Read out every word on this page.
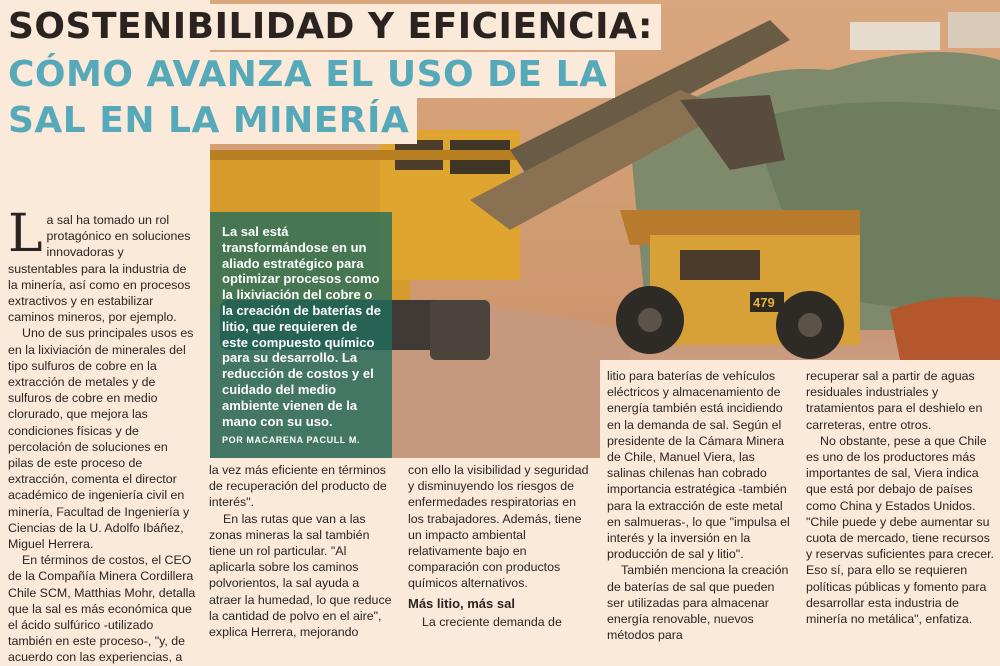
479
SOSTENIBILIDAD Y EFICIENCIA:
CÓMO AVANZA EL USO DE LA
SAL EN LA MINERÍA

La sal está transformándose en un aliado estratégico para optimizar procesos como la lixiviación del cobre o la creación de baterías de litio, que requieren de este compuesto químico para su desarrollo. La reducción de costos y el cuidado del medio ambiente vienen de la mano con su uso.

POR MACARENA PACULL M.

La sal ha tomado un rol protagónico en soluciones innovadoras y sustentables para la industria de la minería, así como en procesos extractivos y en estabilizar caminos mineros, por ejemplo.

Uno de sus principales usos es en la lixiviación de minerales del tipo sulfuros de cobre en la extracción de metales y de sulfuros de cobre en medio clorurado, que mejora las condiciones físicas y de percolación de soluciones en pilas de este proceso de extracción, comenta el director académico de ingeniería civil en minería, Facultad de Ingeniería y Ciencias de la U. Adolfo Ibáñez, Miguel Herrera.

En términos de costos, el CEO de la Compañía Minera Cordillera Chile SCM, Matthias Mohr, detalla que la sal es más económica que el ácido sulfúrico -utilizado también en este proceso-, "y, de acuerdo con las experiencias, a

la vez más eficiente en términos de recuperación del producto de interés".

En las rutas que van a las zonas mineras la sal también tiene un rol particular. "Al aplicarla sobre los caminos polvorientos, la sal ayuda a atraer la humedad, lo que reduce la cantidad de polvo en el aire", explica Herrera, mejorando

con ello la visibilidad y seguridad y disminuyendo los riesgos de enfermedades respiratorias en los trabajadores. Además, tiene un impacto ambiental relativamente bajo en comparación con productos químicos alternativos.

Más litio, más sal

La creciente demanda de

litio para baterías de vehículos eléctricos y almacenamiento de energía también está incidiendo en la demanda de sal. Según el presidente de la Cámara Minera de Chile, Manuel Viera, las salinas chilenas han cobrado importancia estratégica -también para la extracción de este metal en salmueras-, lo que "impulsa el interés y la inversión en la producción de sal y litio".

También menciona la creación de baterías de sal que pueden ser utilizadas para almacenar energía renovable, nuevos métodos para

recuperar sal a partir de aguas residuales industriales y tratamientos para el deshielo en carreteras, entre otros.

No obstante, pese a que Chile es uno de los productores más importantes de sal, Viera indica que está por debajo de países como China y Estados Unidos. "Chile puede y debe aumentar su cuota de mercado, tiene recursos y reservas suficientes para crecer. Eso sí, para ello se requieren políticas públicas y fomento para desarrollar esta industria de minería no metálica", enfatiza.
